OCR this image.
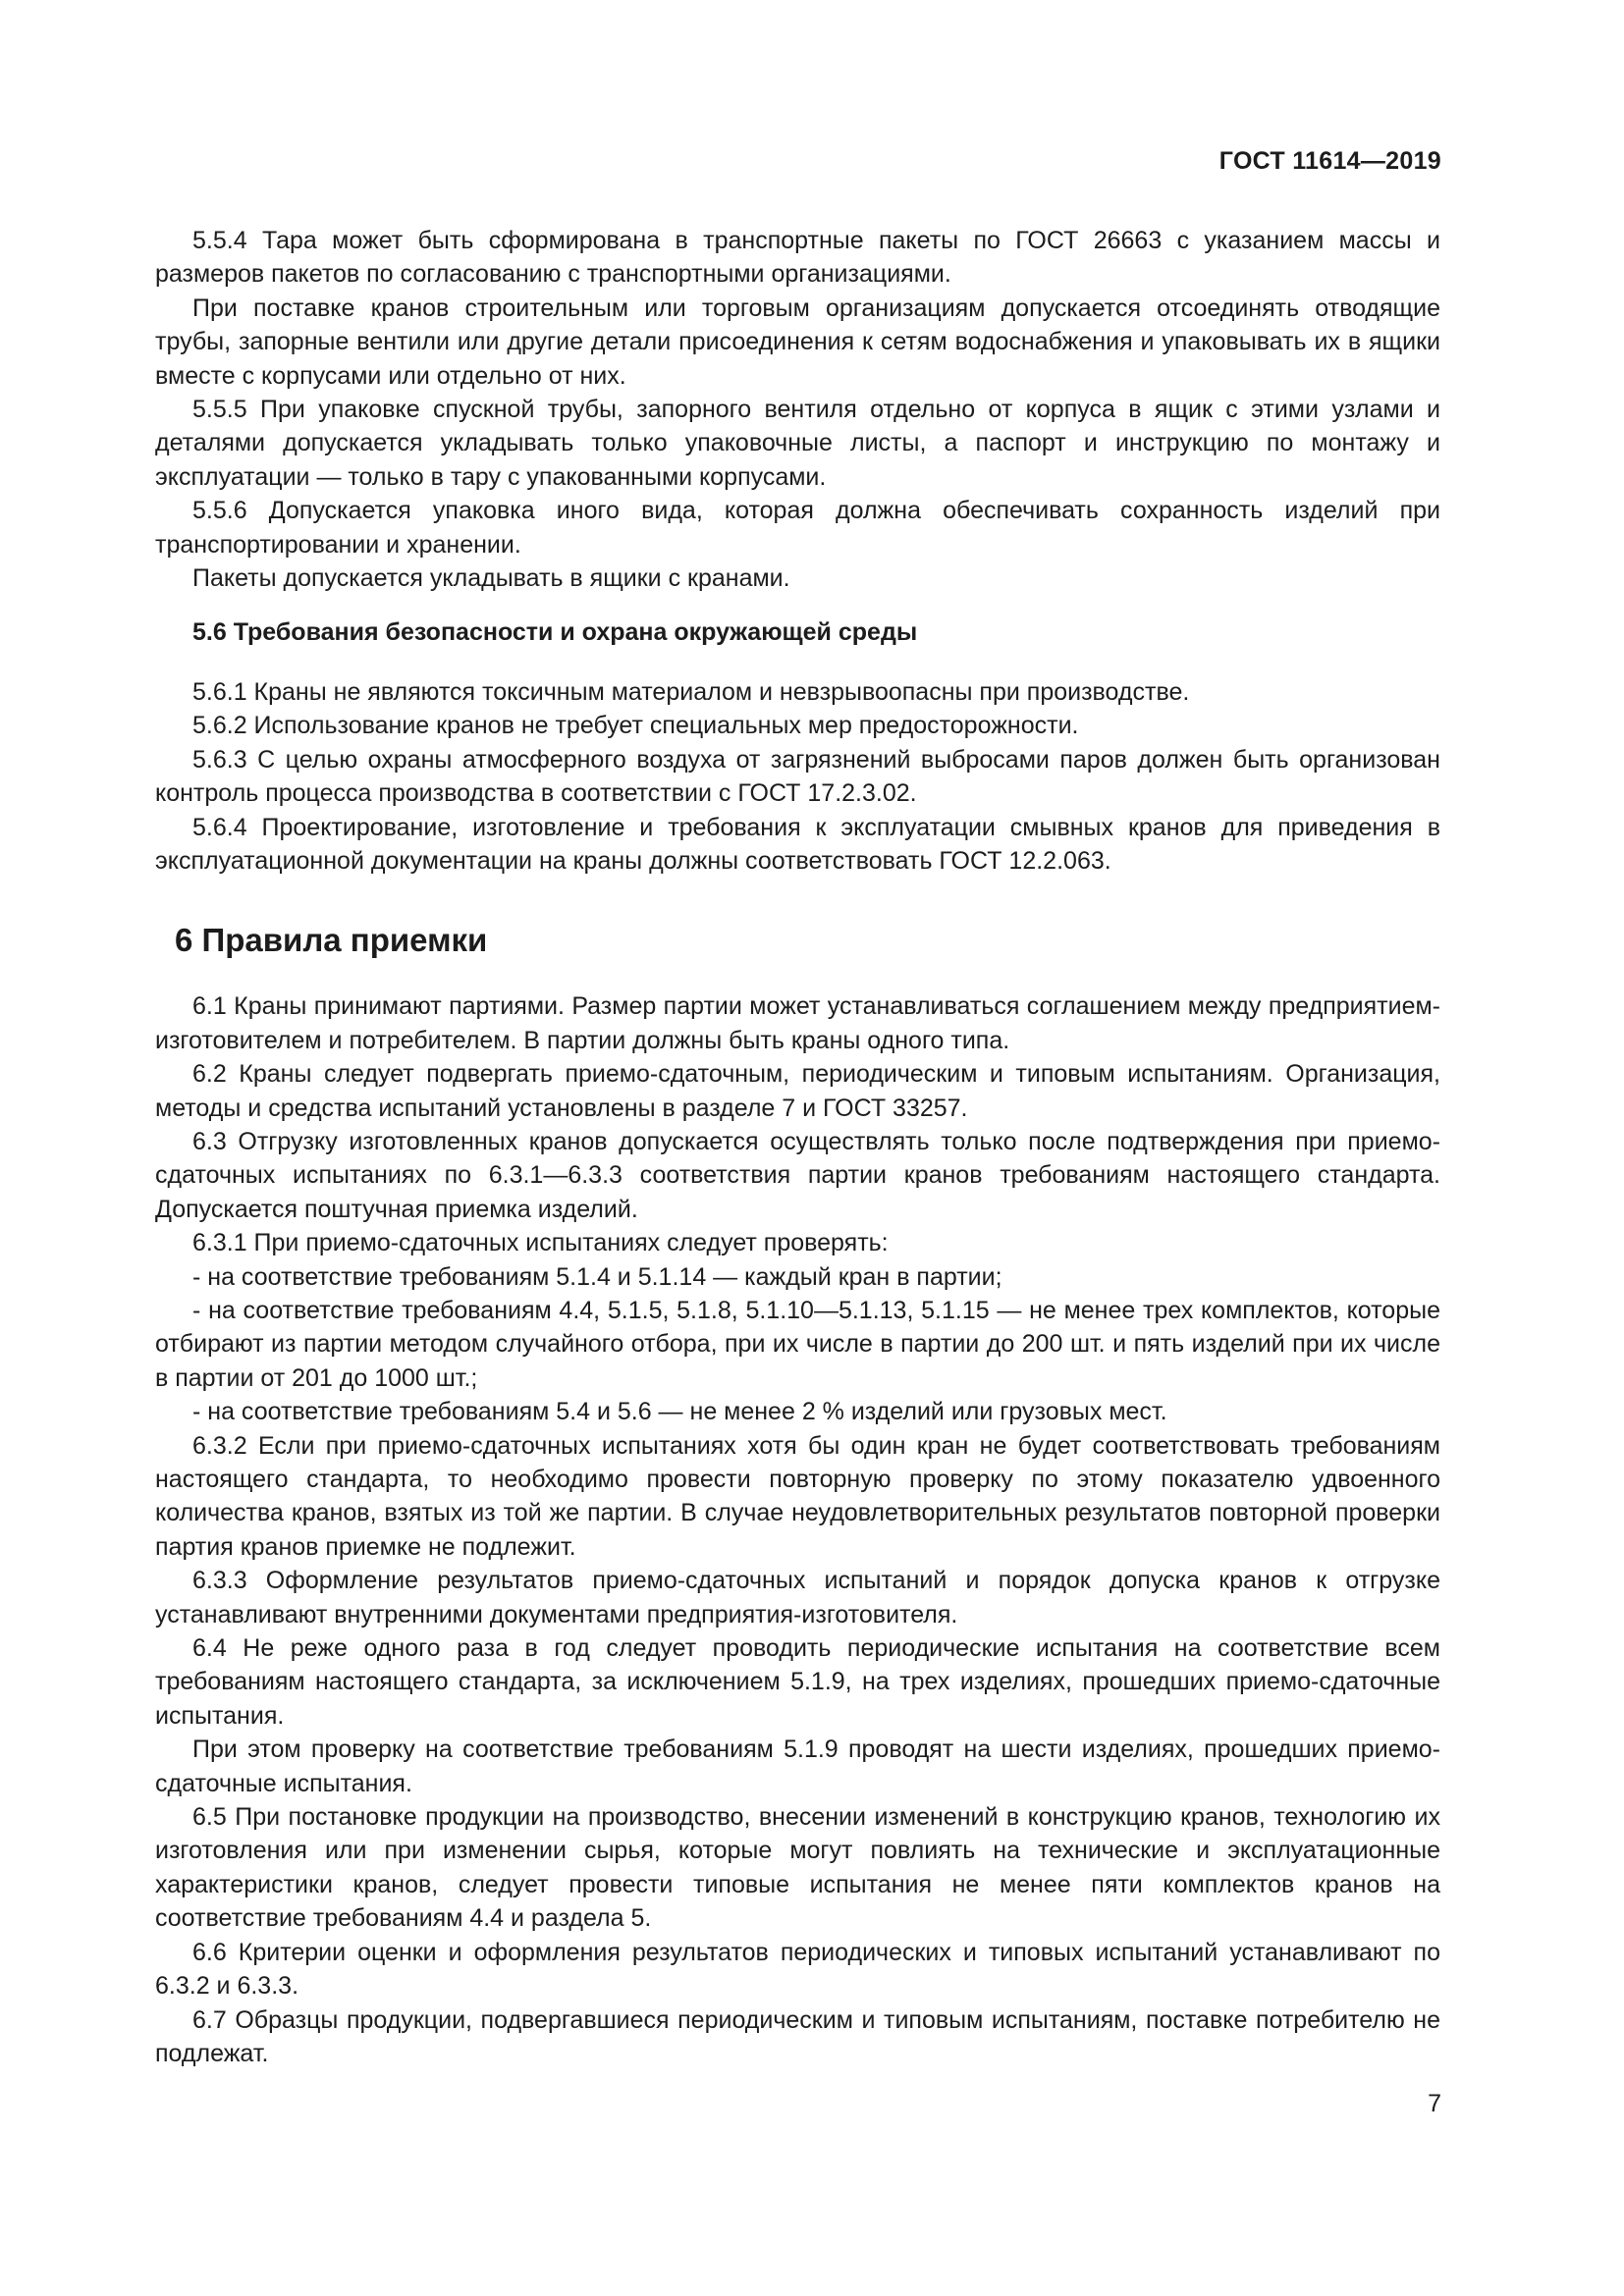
ГОСТ 11614—2019

5.5.4 Тара может быть сформирована в транспортные пакеты по ГОСТ 26663 с указанием массы и размеров пакетов по согласованию с транспортными организациями.

При поставке кранов строительным или торговым организациям допускается отсоединять отводящие трубы, запорные вентили или другие детали присоединения к сетям водоснабжения и упаковывать их в ящики вместе с корпусами или отдельно от них.

5.5.5 При упаковке спускной трубы, запорного вентиля отдельно от корпуса в ящик с этими узлами и деталями допускается укладывать только упаковочные листы, а паспорт и инструкцию по монтажу и эксплуатации — только в тару с упакованными корпусами.

5.5.6 Допускается упаковка иного вида, которая должна обеспечивать сохранность изделий при транспортировании и хранении.

Пакеты допускается укладывать в ящики с кранами.

5.6 Требования безопасности и охрана окружающей среды

5.6.1 Краны не являются токсичным материалом и невзрывоопасны при производстве.

5.6.2 Использование кранов не требует специальных мер предосторожности.

5.6.3 С целью охраны атмосферного воздуха от загрязнений выбросами паров должен быть организован контроль процесса производства в соответствии с ГОСТ 17.2.3.02.

5.6.4 Проектирование, изготовление и требования к эксплуатации смывных кранов для приведения в эксплуатационной документации на краны должны соответствовать ГОСТ 12.2.063.

6 Правила приемки

6.1 Краны принимают партиями. Размер партии может устанавливаться соглашением между предприятием-изготовителем и потребителем. В партии должны быть краны одного типа.

6.2 Краны следует подвергать приемо-сдаточным, периодическим и типовым испытаниям. Организация, методы и средства испытаний установлены в разделе 7 и ГОСТ 33257.

6.3 Отгрузку изготовленных кранов допускается осуществлять только после подтверждения при приемо-сдаточных испытаниях по 6.3.1—6.3.3 соответствия партии кранов требованиям настоящего стандарта. Допускается поштучная приемка изделий.

6.3.1 При приемо-сдаточных испытаниях следует проверять:

- на соответствие требованиям 5.1.4 и 5.1.14 — каждый кран в партии;

- на соответствие требованиям 4.4, 5.1.5, 5.1.8, 5.1.10—5.1.13, 5.1.15 — не менее трех комплектов, которые отбирают из партии методом случайного отбора, при их числе в партии до 200 шт. и пять изделий при их числе в партии от 201 до 1000 шт.;

- на соответствие требованиям 5.4 и 5.6 — не менее 2 % изделий или грузовых мест.

6.3.2 Если при приемо-сдаточных испытаниях хотя бы один кран не будет соответствовать требованиям настоящего стандарта, то необходимо провести повторную проверку по этому показателю удвоенного количества кранов, взятых из той же партии. В случае неудовлетворительных результатов повторной проверки партия кранов приемке не подлежит.

6.3.3 Оформление результатов приемо-сдаточных испытаний и порядок допуска кранов к отгрузке устанавливают внутренними документами предприятия-изготовителя.

6.4 Не реже одного раза в год следует проводить периодические испытания на соответствие всем требованиям настоящего стандарта, за исключением 5.1.9, на трех изделиях, прошедших приемо-сдаточные испытания.

При этом проверку на соответствие требованиям 5.1.9 проводят на шести изделиях, прошедших приемо-сдаточные испытания.

6.5 При постановке продукции на производство, внесении изменений в конструкцию кранов, технологию их изготовления или при изменении сырья, которые могут повлиять на технические и эксплуатационные характеристики кранов, следует провести типовые испытания не менее пяти комплектов кранов на соответствие требованиям 4.4 и раздела 5.

6.6 Критерии оценки и оформления результатов периодических и типовых испытаний устанавливают по 6.3.2 и 6.3.3.

6.7 Образцы продукции, подвергавшиеся периодическим и типовым испытаниям, поставке потребителю не подлежат.

7
